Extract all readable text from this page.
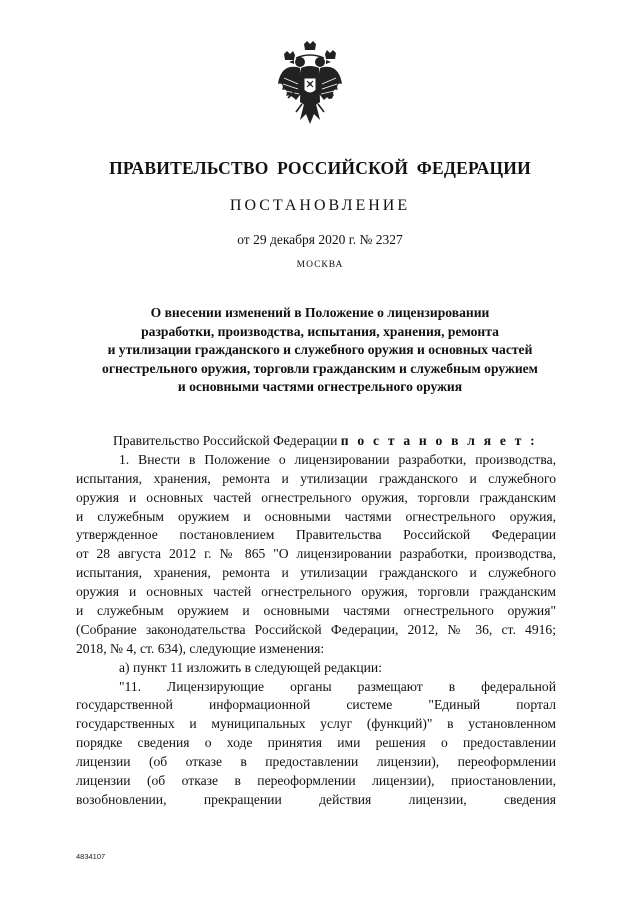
ПРАВИТЕЛЬСТВО РОССИЙСКОЙ ФЕДЕРАЦИИ
ПОСТАНОВЛЕНИЕ
от 29 декабря 2020 г. № 2327
МОСКВА
О внесении изменений в Положение о лицензировании
разработки, производства, испытания, хранения, ремонта
и утилизации гражданского и служебного оружия и основных частей
огнестрельного оружия, торговли гражданским и служебным оружием
и основными частями огнестрельного оружия
Правительство Российской Федерации п о с т а н о в л я е т :
1. Внести в Положение о лицензировании разработки, производства,
испытания, хранения, ремонта и утилизации гражданского и служебного
оружия и основных частей огнестрельного оружия, торговли гражданским
и служебным оружием и основными частями огнестрельного оружия,
утвержденное постановлением Правительства Российской Федерации
от 28 августа 2012 г. № 865 "О лицензировании разработки, производства,
испытания, хранения, ремонта и утилизации гражданского и служебного
оружия и основных частей огнестрельного оружия, торговли гражданским
и служебным оружием и основными частями огнестрельного оружия"
(Собрание законодательства Российской Федерации, 2012, № 36, ст. 4916;
2018, № 4, ст. 634), следующие изменения:
а) пункт 11 изложить в следующей редакции:
"11. Лицензирующие органы размещают в федеральной
государственной информационной системе "Единый портал
государственных и муниципальных услуг (функций)" в установленном
порядке сведения о ходе принятия ими решения о предоставлении
лицензии (об отказе в предоставлении лицензии), переоформлении
лицензии (об отказе в переоформлении лицензии), приостановлении,
возобновлении, прекращении действия лицензии, сведения
4834107
